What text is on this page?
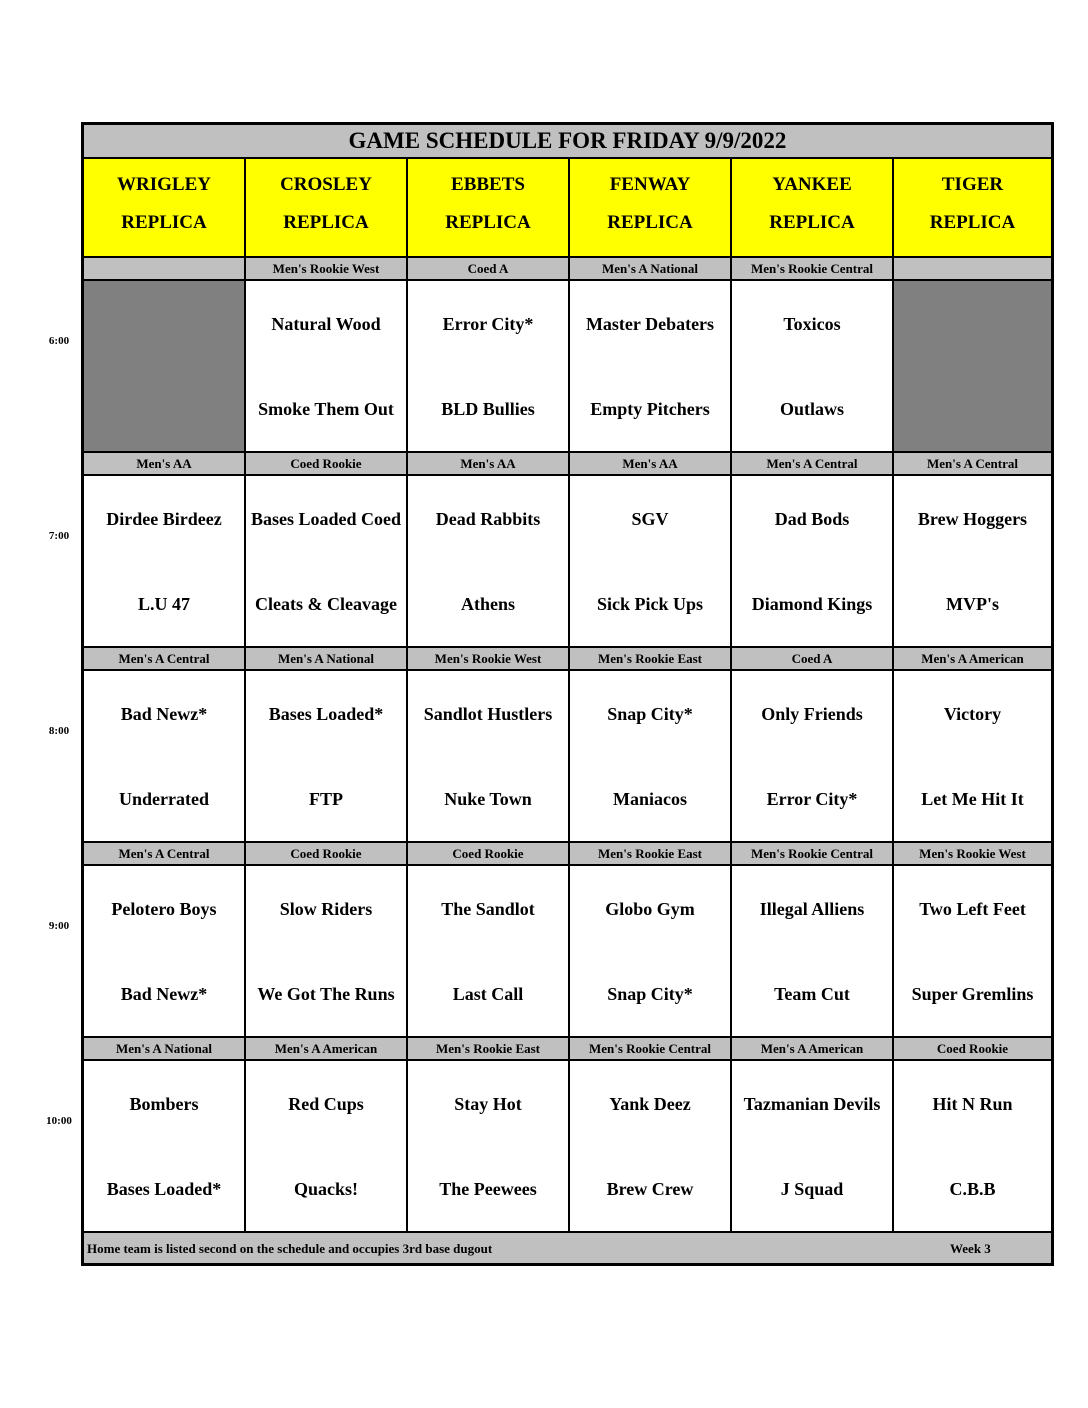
6:00
7:00
8:00
9:00
10:00
GAME SCHEDULE FOR FRIDAY 9/9/2022
WRIGLEY
REPLICA
CROSLEY
REPLICA
EBBETS
REPLICA
FENWAY
REPLICA
YANKEE
REPLICA
TIGER
REPLICA
Men's Rookie West
Natural Wood
Smoke Them Out
Coed A
Error City*
BLD Bullies
Men's A National
Master Debaters
Empty Pitchers
Men's Rookie Central
Toxicos
Outlaws
Men's AA
Dirdee Birdeez
L.U 47
Coed Rookie
Bases Loaded Coed
Cleats & Cleavage
Men's AA
Dead Rabbits
Athens
Men's AA
SGV
Sick Pick Ups
Men's A Central
Dad Bods
Diamond Kings
Men's A Central
Brew Hoggers
MVP's
Men's A Central
Bad Newz*
Underrated
Men's A National
Bases Loaded*
FTP
Men's Rookie West
Sandlot Hustlers
Nuke Town
Men's Rookie East
Snap City*
Maniacos
Coed A
Only Friends
Error City*
Men's A American
Victory
Let Me Hit It
Men's A Central
Pelotero Boys
Bad Newz*
Coed Rookie
Slow Riders
We Got The Runs
Coed Rookie
The Sandlot
Last Call
Men's Rookie East
Globo Gym
Snap City*
Men's Rookie Central
Illegal Alliens
Team Cut
Men's Rookie West
Two Left Feet
Super Gremlins
Men's A National
Bombers
Bases Loaded*
Men's A American
Red Cups
Quacks!
Men's Rookie East
Stay Hot
The Peewees
Men's Rookie Central
Yank Deez
Brew Crew
Men's A American
Tazmanian Devils
J Squad
Coed Rookie
Hit N Run
C.B.B
Home team is listed second on the schedule and occupies 3rd base dugout	Week 3
